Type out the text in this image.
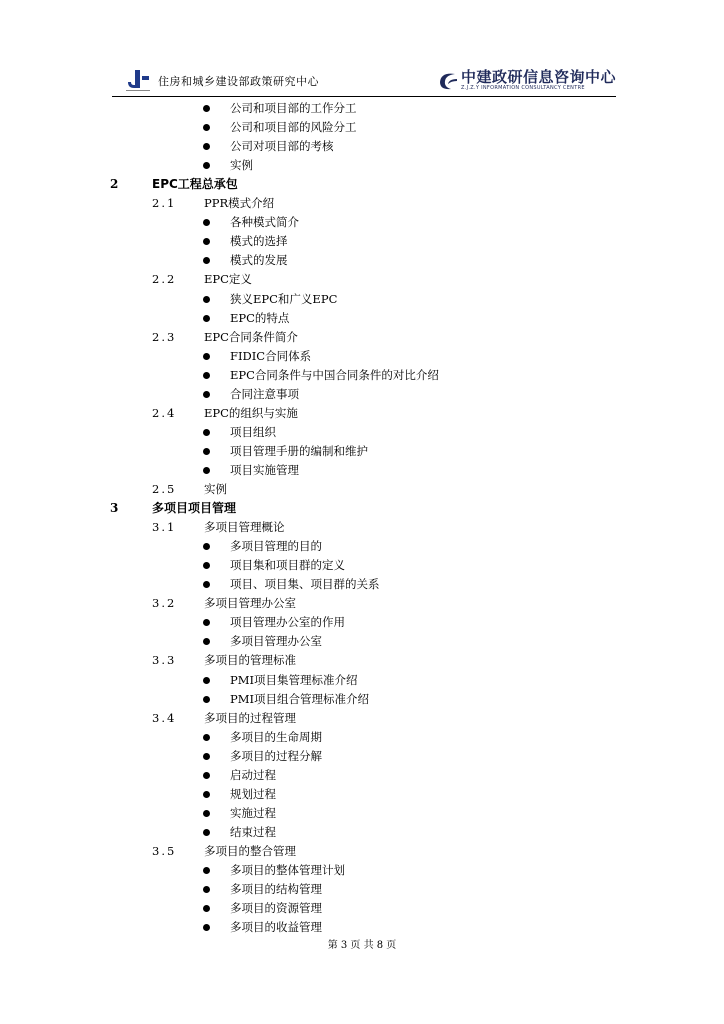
住房和城乡建设部政策研究中心	中建政研信息咨询中心
Z.J.Z.Y INFORMATION CONSULTANCY CENTRE
公司和项目部的工作分工
公司和项目部的风险分工
公司对项目部的考核
实例
2	EPC工程总承包
2.1 PPR模式介绍
各种模式简介
模式的选择
模式的发展
2.2 EPC定义
狭义EPC和广义EPC
EPC的特点
2.3 EPC合同条件简介
FIDIC合同体系
EPC合同条件与中国合同条件的对比介绍
合同注意事项
2.4 EPC的组织与实施
项目组织
项目管理手册的编制和维护
项目实施管理
2.5 实例
3	多项目项目管理
3.1 多项目管理概论
多项目管理的目的
项目集和项目群的定义
项目、项目集、项目群的关系
3.2 多项目管理办公室
项目管理办公室的作用
多项目管理办公室
3.3 多项目的管理标准
PMI项目集管理标准介绍
PMI项目组合管理标准介绍
3.4 多项目的过程管理
多项目的生命周期
多项目的过程分解
启动过程
规划过程
实施过程
结束过程
3.5 多项目的整合管理
多项目的整体管理计划
多项目的结构管理
多项目的资源管理
多项目的收益管理
第 3 页 共 8 页
